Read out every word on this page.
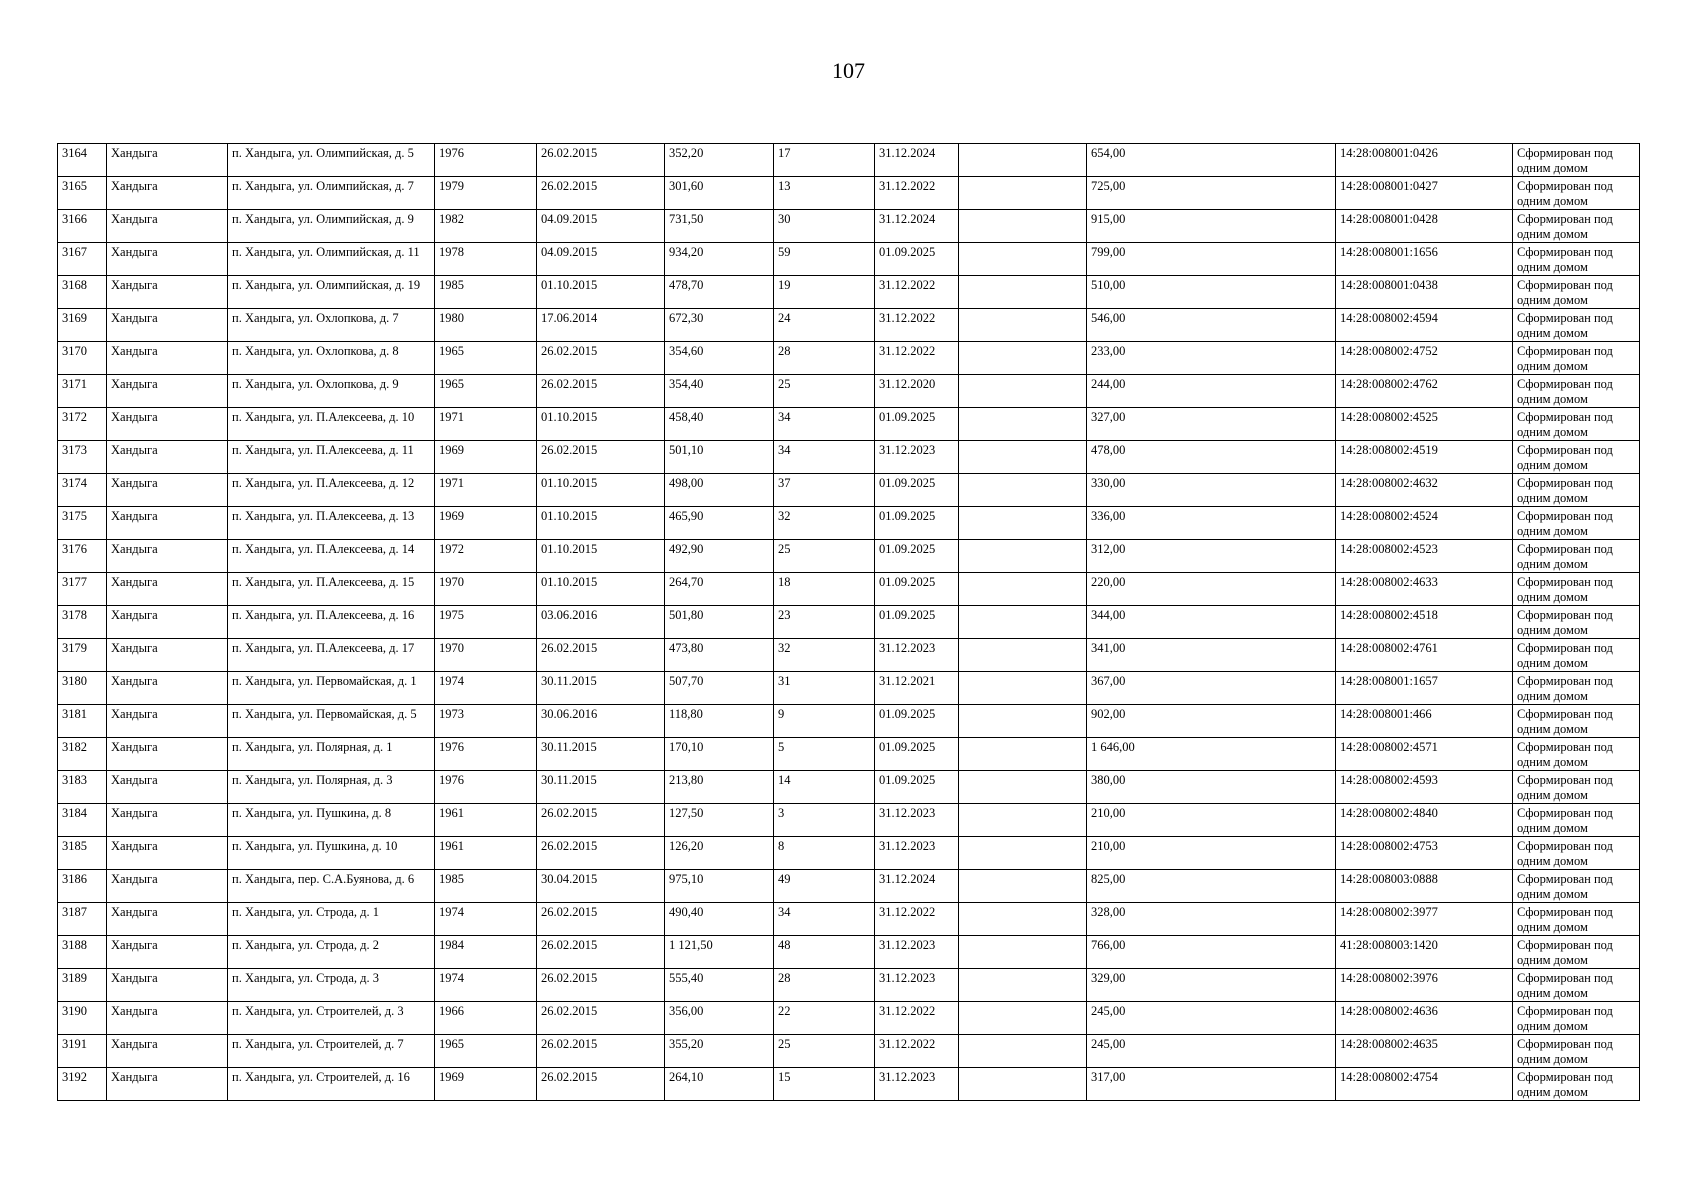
107
3164	Хандыга	п. Хандыга, ул. Олимпийская, д. 5	1976	26.02.2015	352,20	17	31.12.2024		654,00	14:28:008001:0426	Сформирован под одним домом
3165	Хандыга	п. Хандыга, ул. Олимпийская, д. 7	1979	26.02.2015	301,60	13	31.12.2022		725,00	14:28:008001:0427	Сформирован под одним домом
3166	Хандыга	п. Хандыга, ул. Олимпийская, д. 9	1982	04.09.2015	731,50	30	31.12.2024		915,00	14:28:008001:0428	Сформирован под одним домом
3167	Хандыга	п. Хандыга, ул. Олимпийская, д. 11	1978	04.09.2015	934,20	59	01.09.2025		799,00	14:28:008001:1656	Сформирован под одним домом
3168	Хандыга	п. Хандыга, ул. Олимпийская, д. 19	1985	01.10.2015	478,70	19	31.12.2022		510,00	14:28:008001:0438	Сформирован под одним домом
3169	Хандыга	п. Хандыга, ул. Охлопкова, д. 7	1980	17.06.2014	672,30	24	31.12.2022		546,00	14:28:008002:4594	Сформирован под одним домом
3170	Хандыга	п. Хандыга, ул. Охлопкова, д. 8	1965	26.02.2015	354,60	28	31.12.2022		233,00	14:28:008002:4752	Сформирован под одним домом
3171	Хандыга	п. Хандыга, ул. Охлопкова, д. 9	1965	26.02.2015	354,40	25	31.12.2020		244,00	14:28:008002:4762	Сформирован под одним домом
3172	Хандыга	п. Хандыга, ул. П.Алексеева, д. 10	1971	01.10.2015	458,40	34	01.09.2025		327,00	14:28:008002:4525	Сформирован под одним домом
3173	Хандыга	п. Хандыга, ул. П.Алексеева, д. 11	1969	26.02.2015	501,10	34	31.12.2023		478,00	14:28:008002:4519	Сформирован под одним домом
3174	Хандыга	п. Хандыга, ул. П.Алексеева, д. 12	1971	01.10.2015	498,00	37	01.09.2025		330,00	14:28:008002:4632	Сформирован под одним домом
3175	Хандыга	п. Хандыга, ул. П.Алексеева, д. 13	1969	01.10.2015	465,90	32	01.09.2025		336,00	14:28:008002:4524	Сформирован под одним домом
3176	Хандыга	п. Хандыга, ул. П.Алексеева, д. 14	1972	01.10.2015	492,90	25	01.09.2025		312,00	14:28:008002:4523	Сформирован под одним домом
3177	Хандыга	п. Хандыга, ул. П.Алексеева, д. 15	1970	01.10.2015	264,70	18	01.09.2025		220,00	14:28:008002:4633	Сформирован под одним домом
3178	Хандыга	п. Хандыга, ул. П.Алексеева, д. 16	1975	03.06.2016	501,80	23	01.09.2025		344,00	14:28:008002:4518	Сформирован под одним домом
3179	Хандыга	п. Хандыга, ул. П.Алексеева, д. 17	1970	26.02.2015	473,80	32	31.12.2023		341,00	14:28:008002:4761	Сформирован под одним домом
3180	Хандыга	п. Хандыга, ул. Первомайская, д. 1	1974	30.11.2015	507,70	31	31.12.2021		367,00	14:28:008001:1657	Сформирован под одним домом
3181	Хандыга	п. Хандыга, ул. Первомайская, д. 5	1973	30.06.2016	118,80	9	01.09.2025		902,00	14:28:008001:466	Сформирован под одним домом
3182	Хандыга	п. Хандыга, ул. Полярная, д. 1	1976	30.11.2015	170,10	5	01.09.2025		1 646,00	14:28:008002:4571	Сформирован под одним домом
3183	Хандыга	п. Хандыга, ул. Полярная, д. 3	1976	30.11.2015	213,80	14	01.09.2025		380,00	14:28:008002:4593	Сформирован под одним домом
3184	Хандыга	п. Хандыга, ул. Пушкина, д. 8	1961	26.02.2015	127,50	3	31.12.2023		210,00	14:28:008002:4840	Сформирован под одним домом
3185	Хандыга	п. Хандыга, ул. Пушкина, д. 10	1961	26.02.2015	126,20	8	31.12.2023		210,00	14:28:008002:4753	Сформирован под одним домом
3186	Хандыга	п. Хандыга, пер. С.А.Буянова, д. 6	1985	30.04.2015	975,10	49	31.12.2024		825,00	14:28:008003:0888	Сформирован под одним домом
3187	Хандыга	п. Хандыга, ул. Строда, д. 1	1974	26.02.2015	490,40	34	31.12.2022		328,00	14:28:008002:3977	Сформирован под одним домом
3188	Хандыга	п. Хандыга, ул. Строда, д. 2	1984	26.02.2015	1 121,50	48	31.12.2023		766,00	41:28:008003:1420	Сформирован под одним домом
3189	Хандыга	п. Хандыга, ул. Строда, д. 3	1974	26.02.2015	555,40	28	31.12.2023		329,00	14:28:008002:3976	Сформирован под одним домом
3190	Хандыга	п. Хандыга, ул. Строителей, д. 3	1966	26.02.2015	356,00	22	31.12.2022		245,00	14:28:008002:4636	Сформирован под одним домом
3191	Хандыга	п. Хандыга, ул. Строителей, д. 7	1965	26.02.2015	355,20	25	31.12.2022		245,00	14:28:008002:4635	Сформирован под одним домом
3192	Хандыга	п. Хандыга, ул. Строителей, д. 16	1969	26.02.2015	264,10	15	31.12.2023		317,00	14:28:008002:4754	Сформирован под одним домом
